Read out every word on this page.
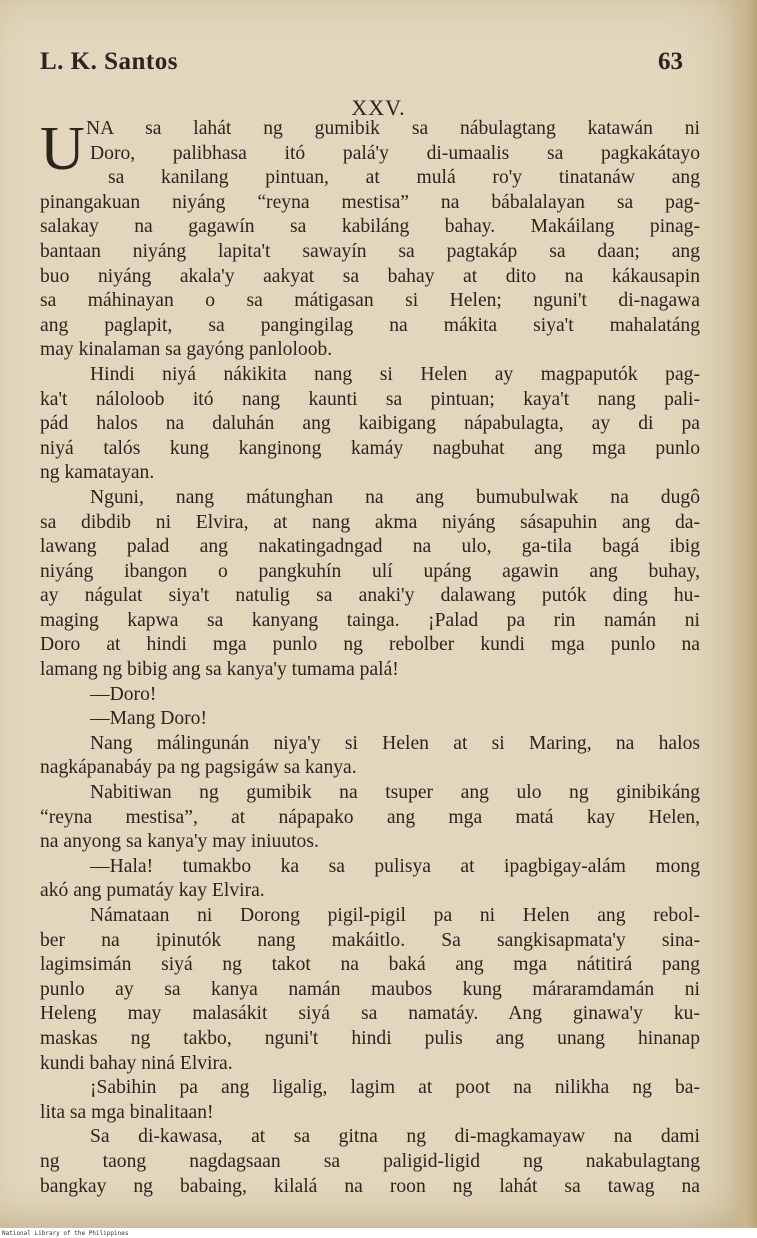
L. K. Santos	63
XXV.
U NA sa lahát ng gumibik sa nábulagtang katawán ni
Doro, palibhasa itó palá'y di-umaalis sa pagkakátayo
sa kanilang pintuan, at mulá ro'y tinatanáw ang
pinangakuan niyáng “reyna mestisa” na bábalalayan sa pag-
salakay na gagawín sa kabiláng bahay. Makáilang pinag-
bantaan niyáng lapita't sawayín sa pagtakáp sa daan; ang
buo niyáng akala'y aakyat sa bahay at dito na kákausapin
sa máhinayan o sa mátigasan si Helen; nguni't di-nagawa
ang paglapit, sa pangingilag na mákita siya't mahalatáng
may kinalaman sa gayóng panloloob.
Hindi niyá nákikita nang si Helen ay magpaputók pag-
ka't náloloob itó nang kaunti sa pintuan; kaya't nang pali-
pád halos na daluhán ang kaibigang nápabulagta, ay di pa
niyá talós kung kanginong kamáy nagbuhat ang mga punlo
ng kamatayan.
Nguni, nang mátunghan na ang bumubulwak na dugô
sa dibdib ni Elvira, at nang akma niyáng sásapuhin ang da-
lawang palad ang nakatingadngad na ulo, ga-tila bagá ibig
niyáng ibangon o pangkuhín ulí upáng agawin ang buhay,
ay nágulat siya't natulig sa anaki'y dalawang putók ding hu-
maging kapwa sa kanyang tainga. ¡Palad pa rin namán ni
Doro at hindi mga punlo ng rebolber kundi mga punlo na
lamang ng bibig ang sa kanya'y tumama palá!
—Doro!
—Mang Doro!
Nang málingunán niya'y si Helen at si Maring, na halos
nagkápanabáy pa ng pagsigáw sa kanya.
Nabitiwan ng gumibik na tsuper ang ulo ng ginibikáng
“reyna mestisa”, at nápapako ang mga matá kay Helen,
na anyong sa kanya'y may iniuutos.
—Hala! tumakbo ka sa pulisya at ipagbigay-alám mong
akó ang pumatáy kay Elvira.
Námataan ni Dorong pigil-pigil pa ni Helen ang rebol-
ber na ipinutók nang makáitlo. Sa sangkisapmata'y sina-
lagimsimán siyá ng takot na baká ang mga nátitirá pang
punlo ay sa kanya namán maubos kung máraramdamán ni
Heleng may malasákit siyá sa namatáy. Ang ginawa'y ku-
maskas ng takbo, nguni't hindi pulis ang unang hinanap
kundi bahay niná Elvira.
¡Sabihin pa ang ligalig, lagim at poot na nilikha ng ba-
lita sa mga binalitaan!
Sa di-kawasa, at sa gitna ng di-magkamayaw na dami
ng taong nagdagsaan sa paligid-ligid ng nakabulagtang
bangkay ng babaing, kilalá na roon ng lahát sa tawag na
National Library of the Philippines
